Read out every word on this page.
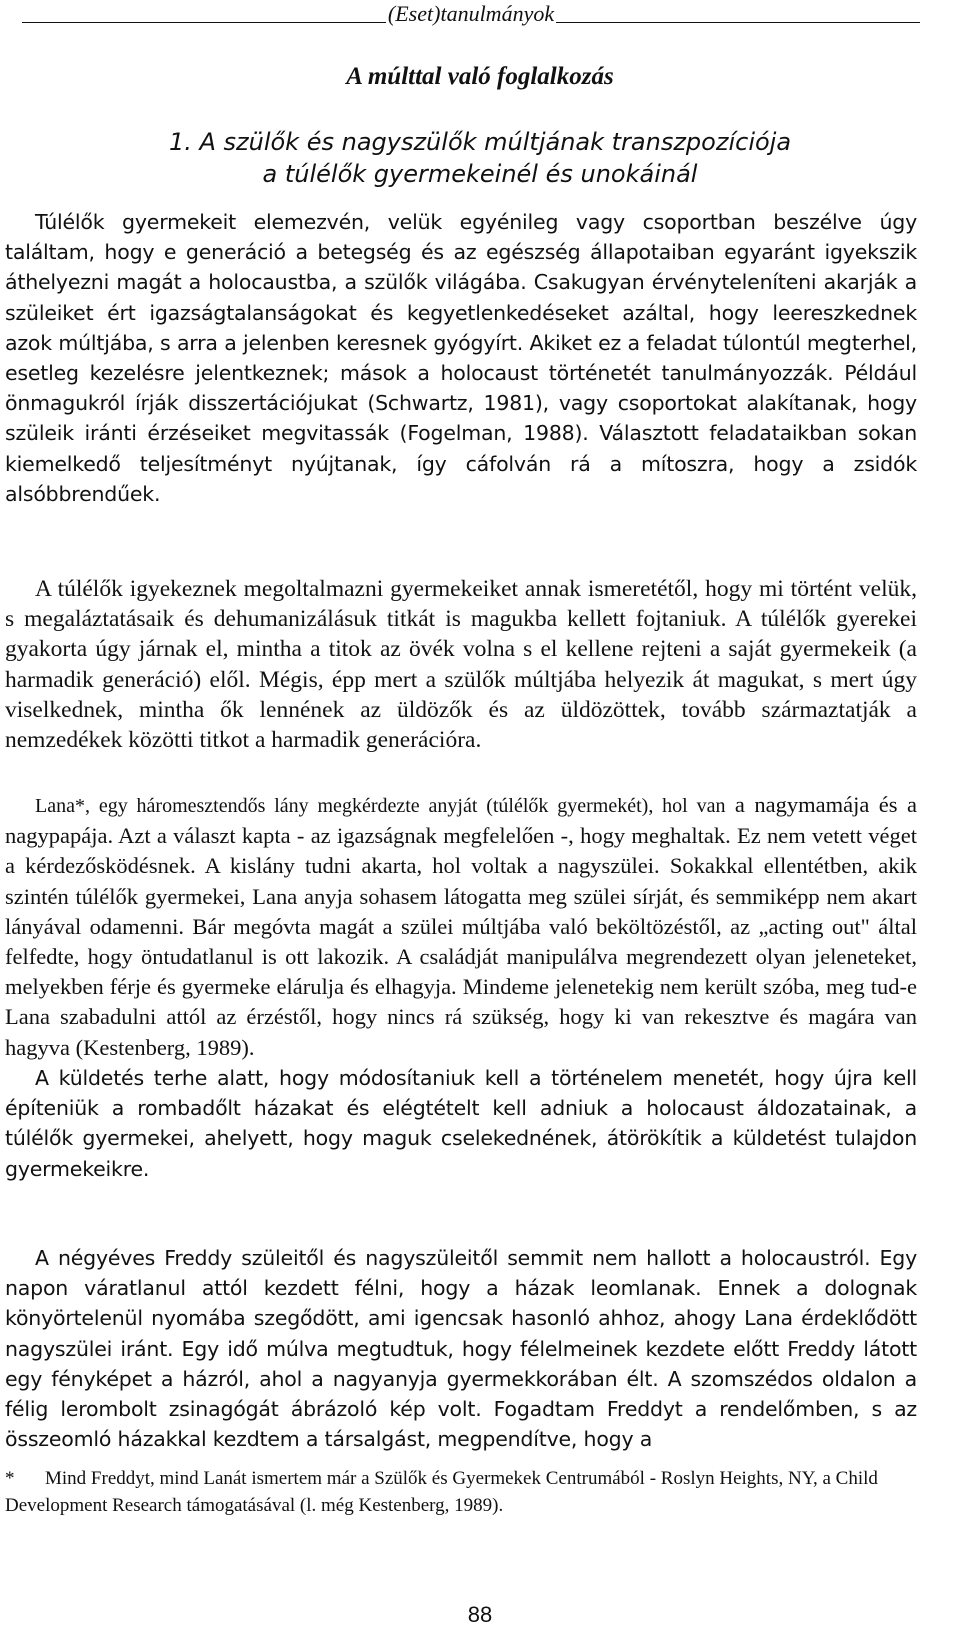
(Eset)tanulmányok
A múlttal való foglalkozás
1. A szülők és nagyszülők múltjának transzpozíciója
a túlélők gyermekeinél és unokáinál

Túlélők gyermekeit elemezvén, velük egyénileg vagy csoportban beszélve úgy találtam, hogy e generáció a betegség és az egészség állapotaiban egyaránt igyekszik áthelyezni magát a holocaustba, a szülők világába. Csakugyan érvényteleníteni akarják a szüleiket ért igazságtalanságokat és kegyetlenkedéseket azáltal, hogy leereszkednek azok múltjába, s arra a jelenben keresnek gyógyírt. Akiket ez a feladat túlontúl megterhel, esetleg kezelésre jelentkeznek; mások a holocaust történetét tanulmányozzák. Például önmagukról írják disszertációjukat (Schwartz, 1981), vagy csoportokat alakítanak, hogy szüleik iránti érzéseiket megvitassák (Fogelman, 1988). Választott feladataikban sokan kiemelkedő teljesítményt nyújtanak, így cáfolván rá a mítoszra, hogy a zsidók alsóbbrendűek.

A túlélők igyekeznek megoltalmazni gyermekeiket annak ismeretétől, hogy mi történt velük, s megaláztatásaik és dehumanizálásuk titkát is magukba kellett fojtaniuk. A túlélők gyerekei gyakorta úgy járnak el, mintha a titok az övék volna s el kellene rejteni a saját gyermekeik (a harmadik generáció) elől. Mégis, épp mert a szülők múltjába helyezik át magukat, s mert úgy viselkednek, mintha ők lennének az üldözők és az üldözöttek, tovább származtatják a nemzedékek közötti titkot a harmadik generációra.

Lana*, egy háromesztendős lány megkérdezte anyját (túlélők gyermekét), hol van a nagymamája és a nagypapája. Azt a választ kapta - az igazságnak megfelelően -, hogy meghaltak. Ez nem vetett véget a kérdezősködésnek. A kislány tudni akarta, hol voltak a nagyszülei. Sokakkal ellentétben, akik szintén túlélők gyermekei, Lana anyja sohasem látogatta meg szülei sírját, és semmiképp nem akart lányával odamenni. Bár megóvta magát a szülei múltjába való beköltözéstől, az „acting out" által felfedte, hogy öntudatlanul is ott lakozik. A családját manipulálva megrendezett olyan jeleneteket, melyekben férje és gyermeke elárulja és elhagyja. Mindeme jelenetekig nem került szóba, meg tud-e Lana szabadulni attól az érzéstől, hogy nincs rá szükség, hogy ki van rekesztve és magára van hagyva (Kestenberg, 1989).

A küldetés terhe alatt, hogy módosítaniuk kell a történelem menetét, hogy újra kell építeniük a rombadőlt házakat és elégtételt kell adniuk a holocaust áldozatainak, a túlélők gyermekei, ahelyett, hogy maguk cselekednének, átörökítik a küldetést tulajdon gyermekeikre.

A négyéves Freddy szüleitől és nagyszüleitől semmit nem hallott a holocaustról. Egy napon váratlanul attól kezdett félni, hogy a házak leomlanak. Ennek a dolognak könyörtelenül nyomába szegődött, ami igencsak hasonló ahhoz, ahogy Lana érdeklődött nagyszülei iránt. Egy idő múlva megtudtuk, hogy félelmeinek kezdete előtt Freddy látott egy fényképet a házról, ahol a nagyanyja gyermekkorában élt. A szomszédos oldalon a félig lerombolt zsinagógát ábrázoló kép volt. Fogadtam Freddyt a rendelőmben, s az összeomló házakkal kezdtem a társalgást, megpendítve, hogy a

* Mind Freddyt, mind Lanát ismertem már a Szülők és Gyermekek Centrumából - Roslyn Heights, NY, a Child Development Research támogatásával (l. még Kestenberg, 1989).
88
